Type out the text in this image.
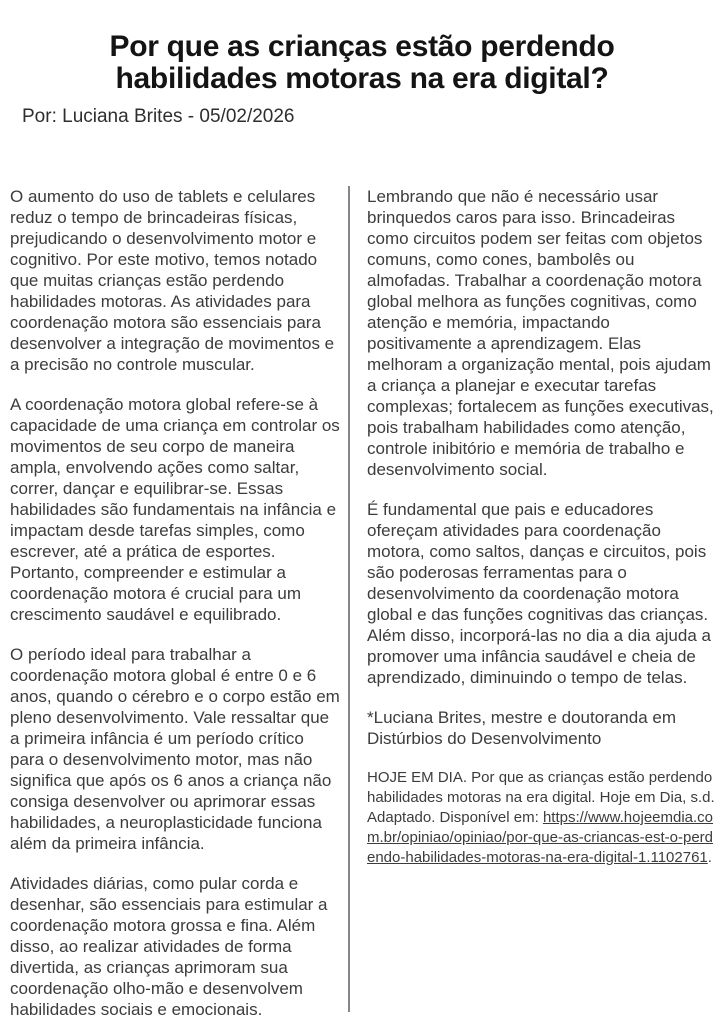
Por que as crianças estão perdendo habilidades motoras na era digital?
Por: Luciana Brites - 05/02/2026

O aumento do uso de tablets e celulares reduz o tempo de brincadeiras físicas, prejudicando o desenvolvimento motor e cognitivo. Por este motivo, temos notado que muitas crianças estão perdendo habilidades motoras. As atividades para coordenação motora são essenciais para desenvolver a integração de movimentos e a precisão no controle muscular.

A coordenação motora global refere-se à capacidade de uma criança em controlar os movimentos de seu corpo de maneira ampla, envolvendo ações como saltar, correr, dançar e equilibrar-se. Essas habilidades são fundamentais na infância e impactam desde tarefas simples, como escrever, até a prática de esportes. Portanto, compreender e estimular a coordenação motora é crucial para um crescimento saudável e equilibrado.

O período ideal para trabalhar a coordenação motora global é entre 0 e 6 anos, quando o cérebro e o corpo estão em pleno desenvolvimento. Vale ressaltar que a primeira infância é um período crítico para o desenvolvimento motor, mas não significa que após os 6 anos a criança não consiga desenvolver ou aprimorar essas habilidades, a neuroplasticidade funciona além da primeira infância.

Atividades diárias, como pular corda e desenhar, são essenciais para estimular a coordenação motora grossa e fina. Além disso, ao realizar atividades de forma divertida, as crianças aprimoram sua coordenação olho-mão e desenvolvem habilidades sociais e emocionais.

Lembrando que não é necessário usar brinquedos caros para isso. Brincadeiras como circuitos podem ser feitas com objetos comuns, como cones, bambolês ou almofadas. Trabalhar a coordenação motora global melhora as funções cognitivas, como atenção e memória, impactando positivamente a aprendizagem. Elas melhoram a organização mental, pois ajudam a criança a planejar e executar tarefas complexas; fortalecem as funções executivas, pois trabalham habilidades como atenção, controle inibitório e memória de trabalho e desenvolvimento social.

É fundamental que pais e educadores ofereçam atividades para coordenação motora, como saltos, danças e circuitos, pois são poderosas ferramentas para o desenvolvimento da coordenação motora global e das funções cognitivas das crianças. Além disso, incorporá-las no dia a dia ajuda a promover uma infância saudável e cheia de aprendizado, diminuindo o tempo de telas.

*Luciana Brites, mestre e doutoranda em Distúrbios do Desenvolvimento

HOJE EM DIA. Por que as crianças estão perdendo habilidades motoras na era digital. Hoje em Dia, s.d. Adaptado. Disponível em: https://www.hojeemdia.com.br/opiniao/opiniao/por-que-as-criancas-est-o-perdendo-habilidades-motoras-na-era-digital-1.1102761.
